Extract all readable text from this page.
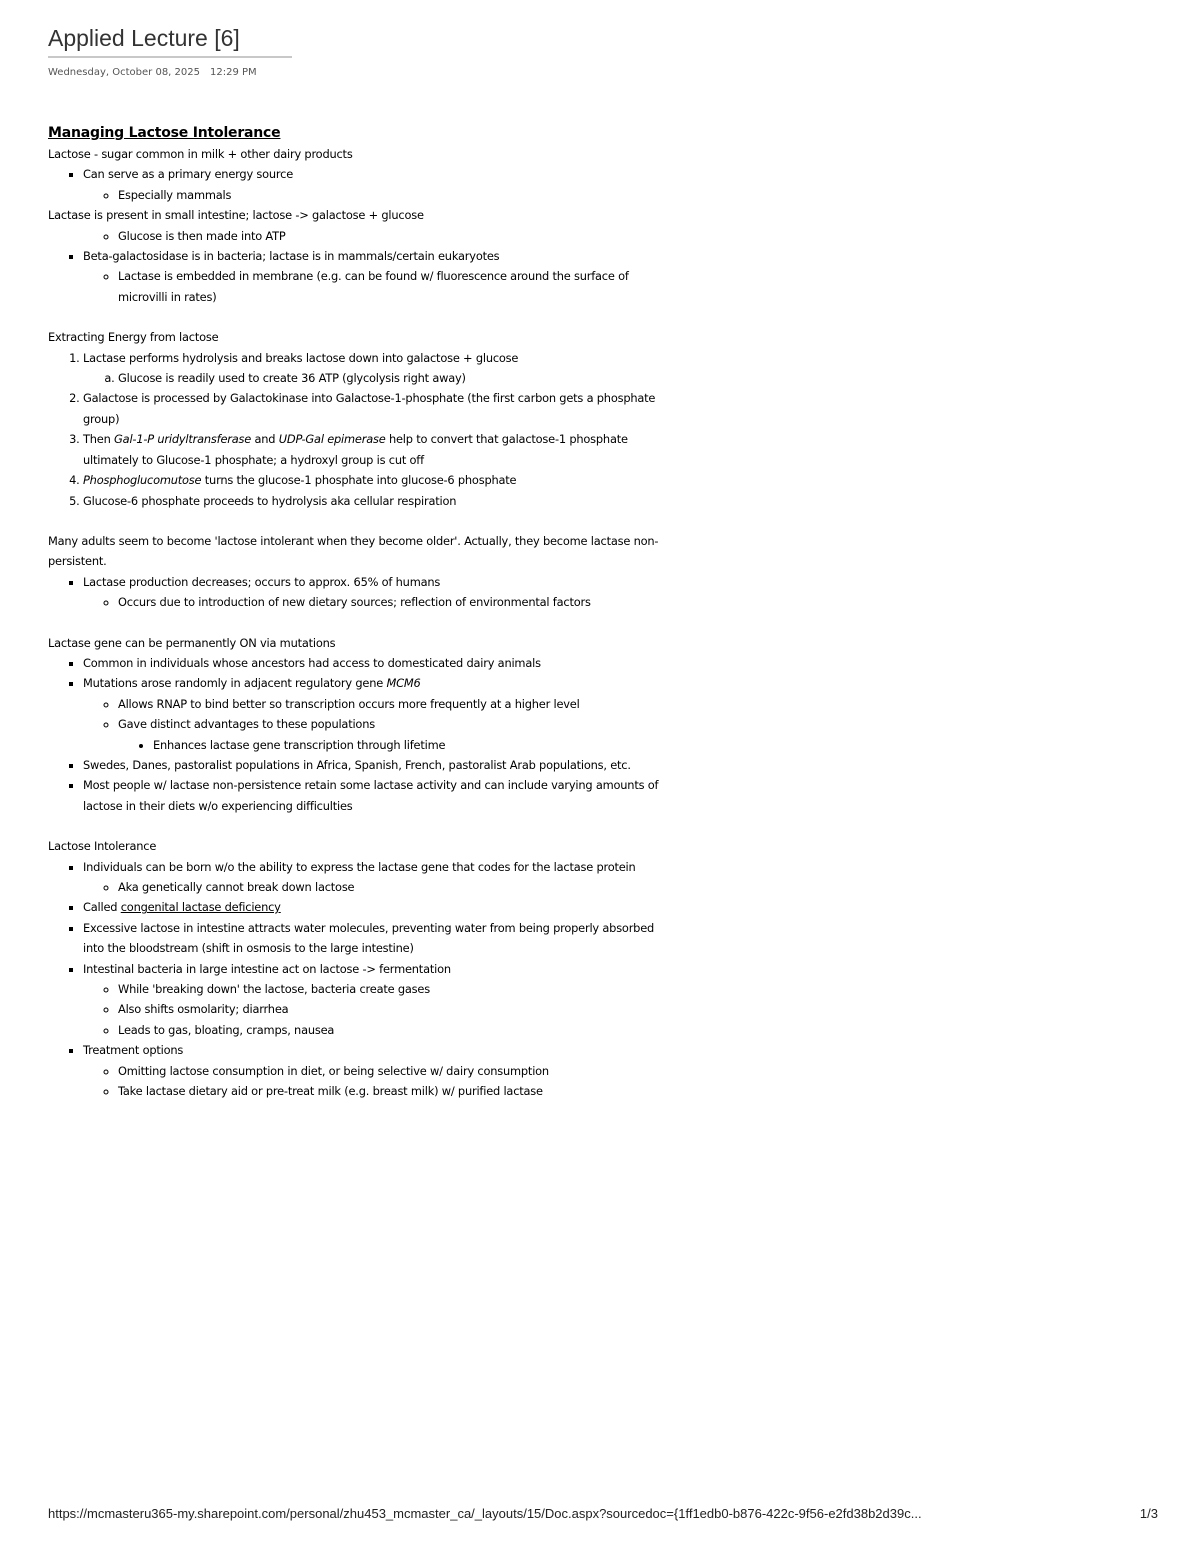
Applied Lecture [6]
Wednesday, October 08, 2025 12:29 PM

Managing Lactose Intolerance

Lactose - sugar common in milk + other dairy products

▪ Can serve as a primary energy source
◦ Especially mammals

Lactase is present in small intestine; lactose -> galactose + glucose

◦ Glucose is then made into ATP
▪ Beta-galactosidase is in bacteria; lactase is in mammals/certain eukaryotes
◦ Lactase is embedded in membrane (e.g. can be found w/ fluorescence around the surface of microvilli in rates)

Extracting Energy from lactose

1. Lactase performs hydrolysis and breaks lactose down into galactose + glucose
a. Glucose is readily used to create 36 ATP (glycolysis right away)
2. Galactose is processed by Galactokinase into Galactose-1-phosphate (the first carbon gets a phosphate group)
3. Then Gal-1-P uridyltransferase and UDP-Gal epimerase help to convert that galactose-1 phosphate ultimately to Glucose-1 phosphate; a hydroxyl group is cut off
4. Phosphoglucomutose turns the glucose-1 phosphate into glucose-6 phosphate
5. Glucose-6 phosphate proceeds to hydrolysis aka cellular respiration

Many adults seem to become 'lactose intolerant when they become older'. Actually, they become lactase non-persistent.

▪ Lactase production decreases; occurs to approx. 65% of humans
◦ Occurs due to introduction of new dietary sources; reflection of environmental factors

Lactase gene can be permanently ON via mutations

▪ Common in individuals whose ancestors had access to domesticated dairy animals
▪ Mutations arose randomly in adjacent regulatory gene MCM6
◦ Allows RNAP to bind better so transcription occurs more frequently at a higher level
◦ Gave distinct advantages to these populations
• Enhances lactase gene transcription through lifetime
▪ Swedes, Danes, pastoralist populations in Africa, Spanish, French, pastoralist Arab populations, etc.
▪ Most people w/ lactase non-persistence retain some lactase activity and can include varying amounts of lactose in their diets w/o experiencing difficulties

Lactose Intolerance

▪ Individuals can be born w/o the ability to express the lactase gene that codes for the lactase protein
◦ Aka genetically cannot break down lactose
▪ Called congenital lactase deficiency
▪ Excessive lactose in intestine attracts water molecules, preventing water from being properly absorbed into the bloodstream (shift in osmosis to the large intestine)
▪ Intestinal bacteria in large intestine act on lactose -> fermentation
◦ While 'breaking down' the lactose, bacteria create gases
◦ Also shifts osmolarity; diarrhea
◦ Leads to gas, bloating, cramps, nausea
▪ Treatment options
◦ Omitting lactose consumption in diet, or being selective w/ dairy consumption
◦ Take lactase dietary aid or pre-treat milk (e.g. breast milk) w/ purified lactase
https://mcmasteru365-my.sharepoint.com/personal/zhu453_mcmaster_ca/_layouts/15/Doc.aspx?sourcedoc={1ff1edb0-b876-422c-9f56-e2fd38b2d39c...	1/3
